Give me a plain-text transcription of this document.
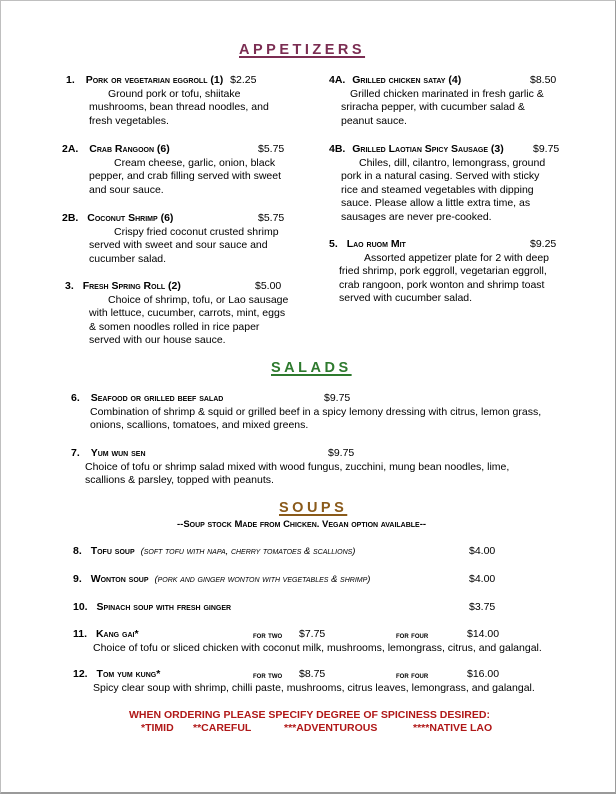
APPETIZERS
1. Pork or vegetarian eggroll (1) $2.25
Ground pork or tofu, shiitake
mushrooms, bean thread noodles, and
fresh vegetables.
2A. Crab Rangoon (6)	$5.75
Cream cheese, garlic, onion, black
pepper, and crab filling served with sweet
and sour sauce.
2B. Coconut Shrimp (6)	$5.75
Crispy fried coconut crusted shrimp
served with sweet and sour sauce and
cucumber salad.
3. Fresh Spring Roll (2)	$5.00
Choice of shrimp, tofu, or Lao sausage
with lettuce, cucumber, carrots, mint, eggs
& somen noodles rolled in rice paper
served with our house sauce.
4A. Grilled chicken satay (4)	$8.50
Grilled chicken marinated in fresh garlic &
sriracha pepper, with cucumber salad &
peanut sauce.
4B. Grilled Laotian Spicy Sausage (3)	$9.75
Chiles, dill, cilantro, lemongrass, ground
pork in a natural casing. Served with sticky
rice and steamed vegetables with dipping
sauce. Please allow a little extra time, as
sausages are never pre-cooked.
5. Lao ruom Mit	$9.25
Assorted appetizer plate for 2 with deep
fried shrimp, pork eggroll, vegetarian eggroll,
crab rangoon, pork wonton and shrimp toast
served with cucumber salad.
SALADS
6. Seafood or grilled beef salad	$9.75
Combination of shrimp & squid or grilled beef in a spicy lemony dressing with citrus, lemon grass,
onions, scallions, tomatoes, and mixed greens.
7. Yum wun sen	$9.75
Choice of tofu or shrimp salad mixed with wood fungus, zucchini, mung bean noodles, lime,
scallions & parsley, topped with peanuts.
SOUPS
--Soup stock Made from Chicken. Vegan option available--
8. Tofu soup (soft tofu with napa, cherry tomatoes & scallions)	$4.00
9. Wonton soup (pork and ginger wonton with vegetables & shrimp)	$4.00
10. Spinach soup with fresh ginger	$3.75
11. Kang gai*	for two $7.75	for four	$14.00
Choice of tofu or sliced chicken with coconut milk, mushrooms, lemongrass, citrus, and galangal.
12. Tom yum kung*	for two $8.75	for four	$16.00
Spicy clear soup with shrimp, chilli paste, mushrooms, citrus leaves, lemongrass, and galangal.
WHEN ORDERING PLEASE SPECIFY DEGREE OF SPICINESS DESIRED:
*TIMID **CAREFUL	***ADVENTUROUS	****NATIVE LAO
